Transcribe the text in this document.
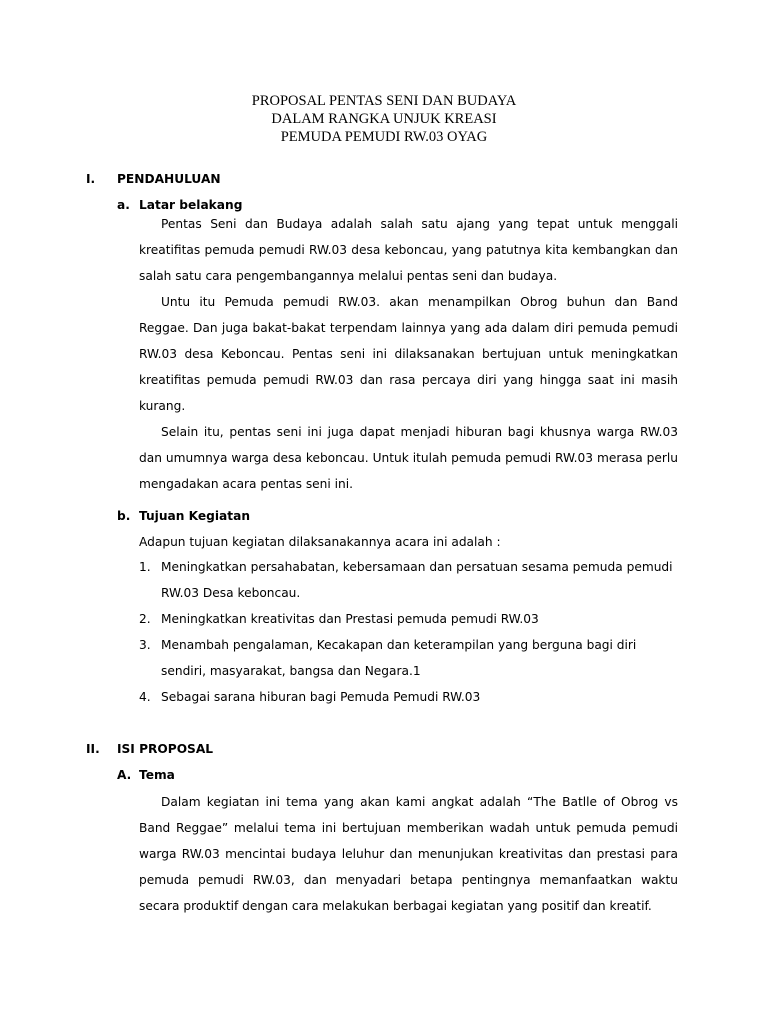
PROPOSAL PENTAS SENI DAN BUDAYA
DALAM RANGKA UNJUK KREASI
PEMUDA PEMUDI RW.03 OYAG
I. PENDAHULUAN
a. Latar belakang

Pentas Seni dan Budaya adalah salah satu ajang yang tepat untuk menggali kreatifitas pemuda pemudi RW.03 desa keboncau, yang patutnya kita kembangkan dan salah satu cara pengembangannya melalui pentas seni dan budaya.

Untu itu Pemuda pemudi RW.03. akan menampilkan Obrog buhun dan Band Reggae. Dan juga bakat-bakat terpendam lainnya yang ada dalam diri pemuda pemudi RW.03 desa Keboncau. Pentas seni ini dilaksanakan bertujuan untuk meningkatkan kreatifitas pemuda pemudi RW.03 dan rasa percaya diri yang hingga saat ini masih kurang.

Selain itu, pentas seni ini juga dapat menjadi hiburan bagi khusnya warga RW.03 dan umumnya warga desa keboncau. Untuk itulah pemuda pemudi RW.03 merasa perlu mengadakan acara pentas seni ini.

b. Tujuan Kegiatan
Adapun tujuan kegiatan dilaksanakannya acara ini adalah :
1. Meningkatkan persahabatan, kebersamaan dan persatuan sesama pemuda pemudi RW.03 Desa keboncau.
2. Meningkatkan kreativitas dan Prestasi pemuda pemudi RW.03
3. Menambah pengalaman, Kecakapan dan keterampilan yang berguna bagi diri sendiri, masyarakat, bangsa dan Negara.1
4. Sebagai sarana hiburan bagi Pemuda Pemudi RW.03
II. ISI PROPOSAL
A. Tema

Dalam kegiatan ini tema yang akan kami angkat adalah “The Batlle of Obrog vs Band Reggae” melalui tema ini bertujuan memberikan wadah untuk pemuda pemudi warga RW.03 mencintai budaya leluhur dan menunjukan kreativitas dan prestasi para pemuda pemudi RW.03, dan menyadari betapa pentingnya memanfaatkan waktu secara produktif dengan cara melakukan berbagai kegiatan yang positif dan kreatif.
